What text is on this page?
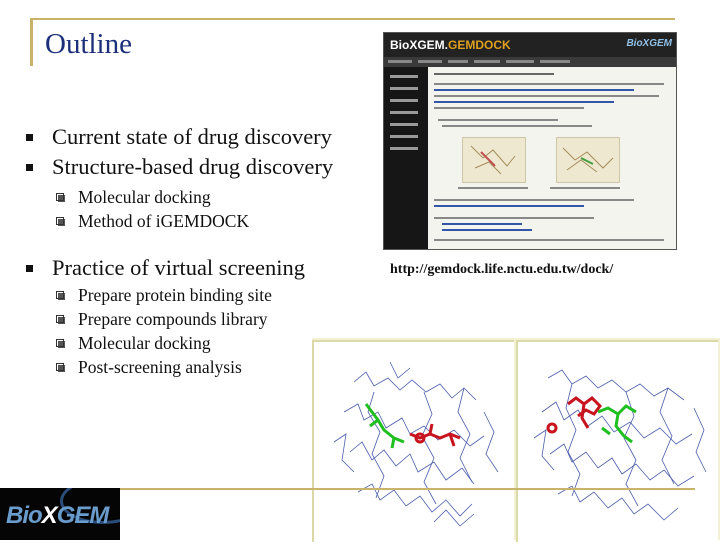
Outline
Current state of drug discovery
Structure-based drug discovery
Molecular docking
Method of iGEMDOCK
Practice of virtual screening
Prepare protein binding site
Prepare compounds library
Molecular docking
Post-screening analysis
BioXGEM.GEMDOCK	BioXGEM
http://gemdock.life.nctu.edu.tw/dock/
BioXGEM
